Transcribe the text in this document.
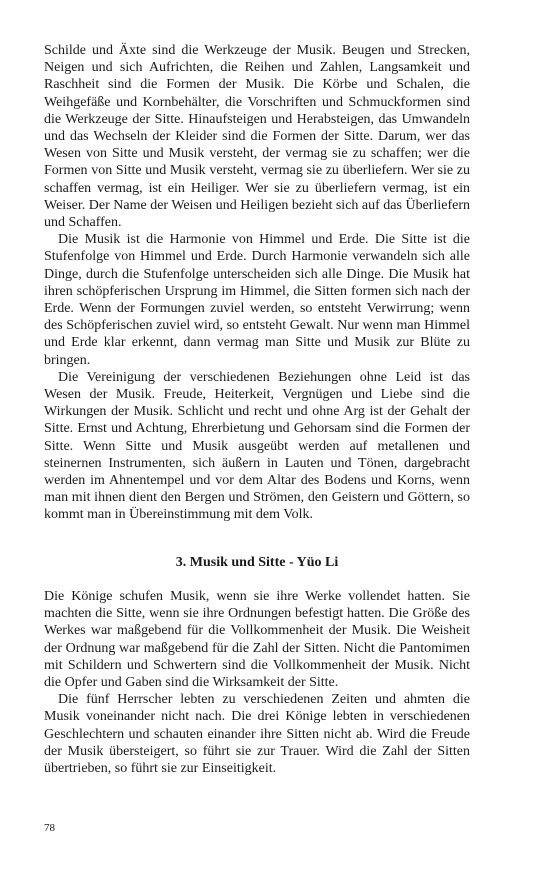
Schilde und Äxte sind die Werkzeuge der Musik. Beugen und Strecken, Neigen und sich Aufrichten, die Reihen und Zahlen, Langsamkeit und Raschheit sind die Formen der Musik. Die Körbe und Schalen, die Weihgefäße und Kornbehälter, die Vorschriften und Schmuckformen sind die Werkzeuge der Sitte. Hinaufsteigen und Herabsteigen, das Umwandeln und das Wechseln der Kleider sind die Formen der Sitte. Darum, wer das Wesen von Sitte und Musik versteht, der vermag sie zu schaffen; wer die Formen von Sitte und Musik versteht, vermag sie zu überliefern. Wer sie zu schaffen vermag, ist ein Heiliger. Wer sie zu überliefern vermag, ist ein Weiser. Der Name der Weisen und Heiligen bezieht sich auf das Überliefern und Schaffen.

Die Musik ist die Harmonie von Himmel und Erde. Die Sitte ist die Stufenfolge von Himmel und Erde. Durch Harmonie verwandeln sich alle Dinge, durch die Stufenfolge unterscheiden sich alle Dinge. Die Musik hat ihren schöpferischen Ursprung im Himmel, die Sitten formen sich nach der Erde. Wenn der Formungen zuviel werden, so entsteht Verwirrung; wenn des Schöpferischen zuviel wird, so entsteht Gewalt. Nur wenn man Himmel und Erde klar erkennt, dann vermag man Sitte und Musik zur Blüte zu bringen.

Die Vereinigung der verschiedenen Beziehungen ohne Leid ist das Wesen der Musik. Freude, Heiterkeit, Vergnügen und Liebe sind die Wirkungen der Musik. Schlicht und recht und ohne Arg ist der Gehalt der Sitte. Ernst und Achtung, Ehrerbietung und Gehorsam sind die Formen der Sitte. Wenn Sitte und Musik ausgeübt werden auf metallenen und steinernen Instrumenten, sich äußern in Lauten und Tönen, dargebracht werden im Ahnentempel und vor dem Altar des Bodens und Korns, wenn man mit ihnen dient den Bergen und Strömen, den Geistern und Göttern, so kommt man in Übereinstimmung mit dem Volk.

3. Musik und Sitte - Yüo Li

Die Könige schufen Musik, wenn sie ihre Werke vollendet hatten. Sie machten die Sitte, wenn sie ihre Ordnungen befestigt hatten. Die Größe des Werkes war maßgebend für die Vollkommenheit der Musik. Die Weisheit der Ordnung war maßgebend für die Zahl der Sitten. Nicht die Pantomimen mit Schildern und Schwertern sind die Vollkommenheit der Musik. Nicht die Opfer und Gaben sind die Wirksamkeit der Sitte.

Die fünf Herrscher lebten zu verschiedenen Zeiten und ahmten die Musik voneinander nicht nach. Die drei Könige lebten in verschiedenen Geschlechtern und schauten einander ihre Sitten nicht ab. Wird die Freude der Musik übersteigert, so führt sie zur Trauer. Wird die Zahl der Sitten übertrieben, so führt sie zur Einseitigkeit.

78
